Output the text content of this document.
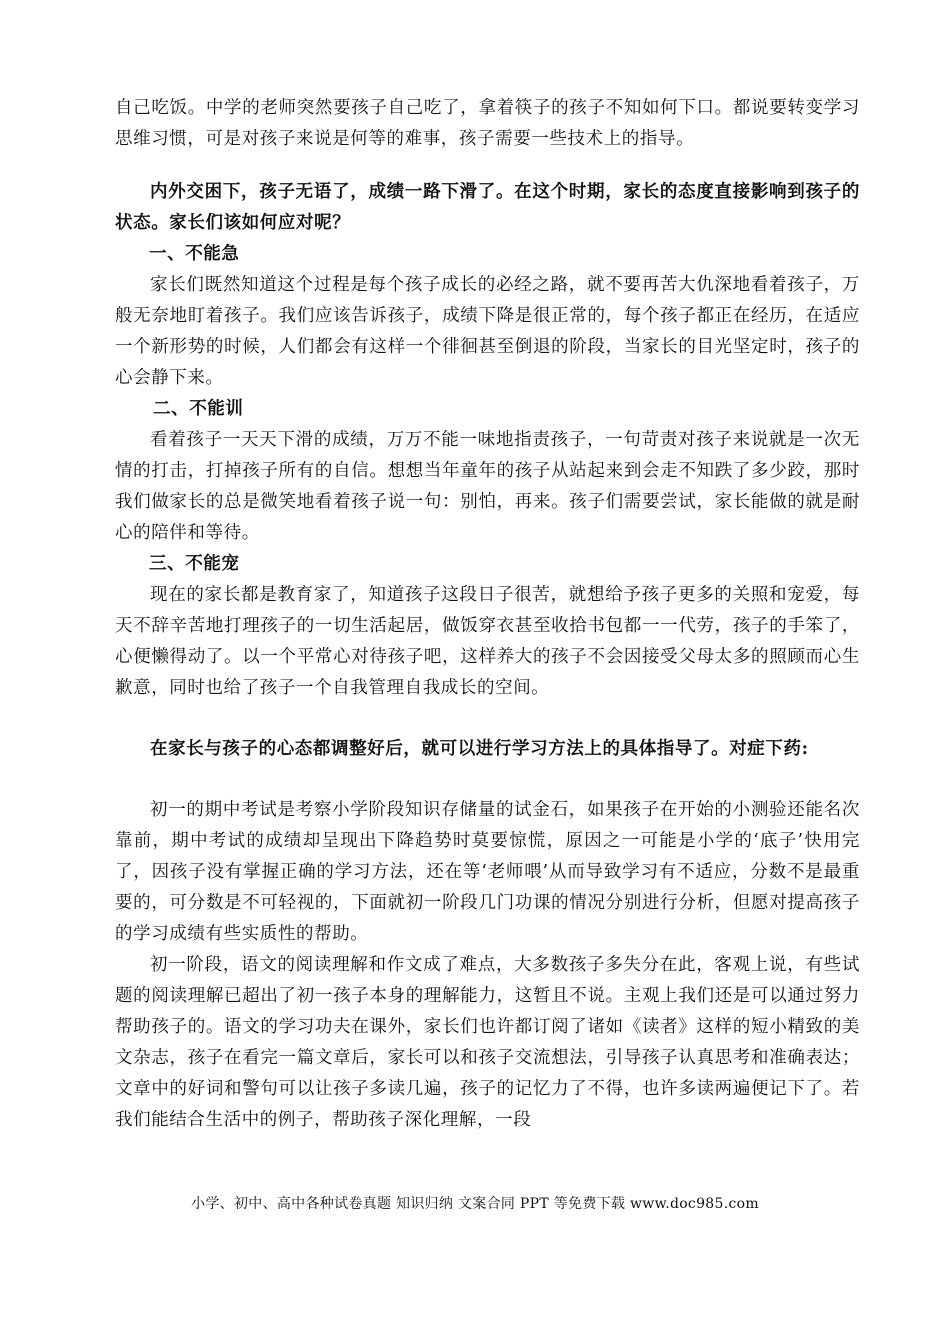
自己吃饭。中学的老师突然要孩子自己吃了，拿着筷子的孩子不知如何下口。都说要转变学习思维习惯，可是对孩子来说是何等的难事，孩子需要一些技术上的指导。

内外交困下，孩子无语了，成绩一路下滑了。在这个时期，家长的态度直接影响到孩子的状态。家长们该如何应对呢？

一、不能急

家长们既然知道这个过程是每个孩子成长的必经之路，就不要再苦大仇深地看着孩子，万般无奈地盯着孩子。我们应该告诉孩子，成绩下降是很正常的，每个孩子都正在经历，在适应一个新形势的时候，人们都会有这样一个徘徊甚至倒退的阶段，当家长的目光坚定时，孩子的心会静下来。

二、不能训

看着孩子一天天下滑的成绩，万万不能一味地指责孩子，一句苛责对孩子来说就是一次无情的打击，打掉孩子所有的自信。想想当年童年的孩子从站起来到会走不知跌了多少跤，那时我们做家长的总是微笑地看着孩子说一句：别怕，再来。孩子们需要尝试，家长能做的就是耐心的陪伴和等待。

三、不能宠

现在的家长都是教育家了，知道孩子这段日子很苦，就想给予孩子更多的关照和宠爱，每天不辞辛苦地打理孩子的一切生活起居，做饭穿衣甚至收拾书包都一一代劳，孩子的手笨了，心便懒得动了。以一个平常心对待孩子吧，这样养大的孩子不会因接受父母太多的照顾而心生歉意，同时也给了孩子一个自我管理自我成长的空间。

在家长与孩子的心态都调整好后，就可以进行学习方法上的具体指导了。对症下药:

初一的期中考试是考察小学阶段知识存储量的试金石，如果孩子在开始的小测验还能名次靠前，期中考试的成绩却呈现出下降趋势时莫要惊慌，原因之一可能是小学的‘底子’快用完了，因孩子没有掌握正确的学习方法，还在等‘老师喂’从而导致学习有不适应，分数不是最重要的，可分数是不可轻视的，下面就初一阶段几门功课的情况分别进行分析，但愿对提高孩子的学习成绩有些实质性的帮助。

初一阶段，语文的阅读理解和作文成了难点，大多数孩子多失分在此，客观上说，有些试题的阅读理解已超出了初一孩子本身的理解能力，这暂且不说。主观上我们还是可以通过努力帮助孩子的。语文的学习功夫在课外，家长们也许都订阅了诸如《读者》这样的短小精致的美文杂志，孩子在看完一篇文章后，家长可以和孩子交流想法，引导孩子认真思考和准确表达；文章中的好词和警句可以让孩子多读几遍，孩子的记忆力了不得，也许多读两遍便记下了。若我们能结合生活中的例子，帮助孩子深化理解，一段

小学、初中、高中各种试卷真题 知识归纳 文案合同 PPT 等免费下载 www.doc985.com
